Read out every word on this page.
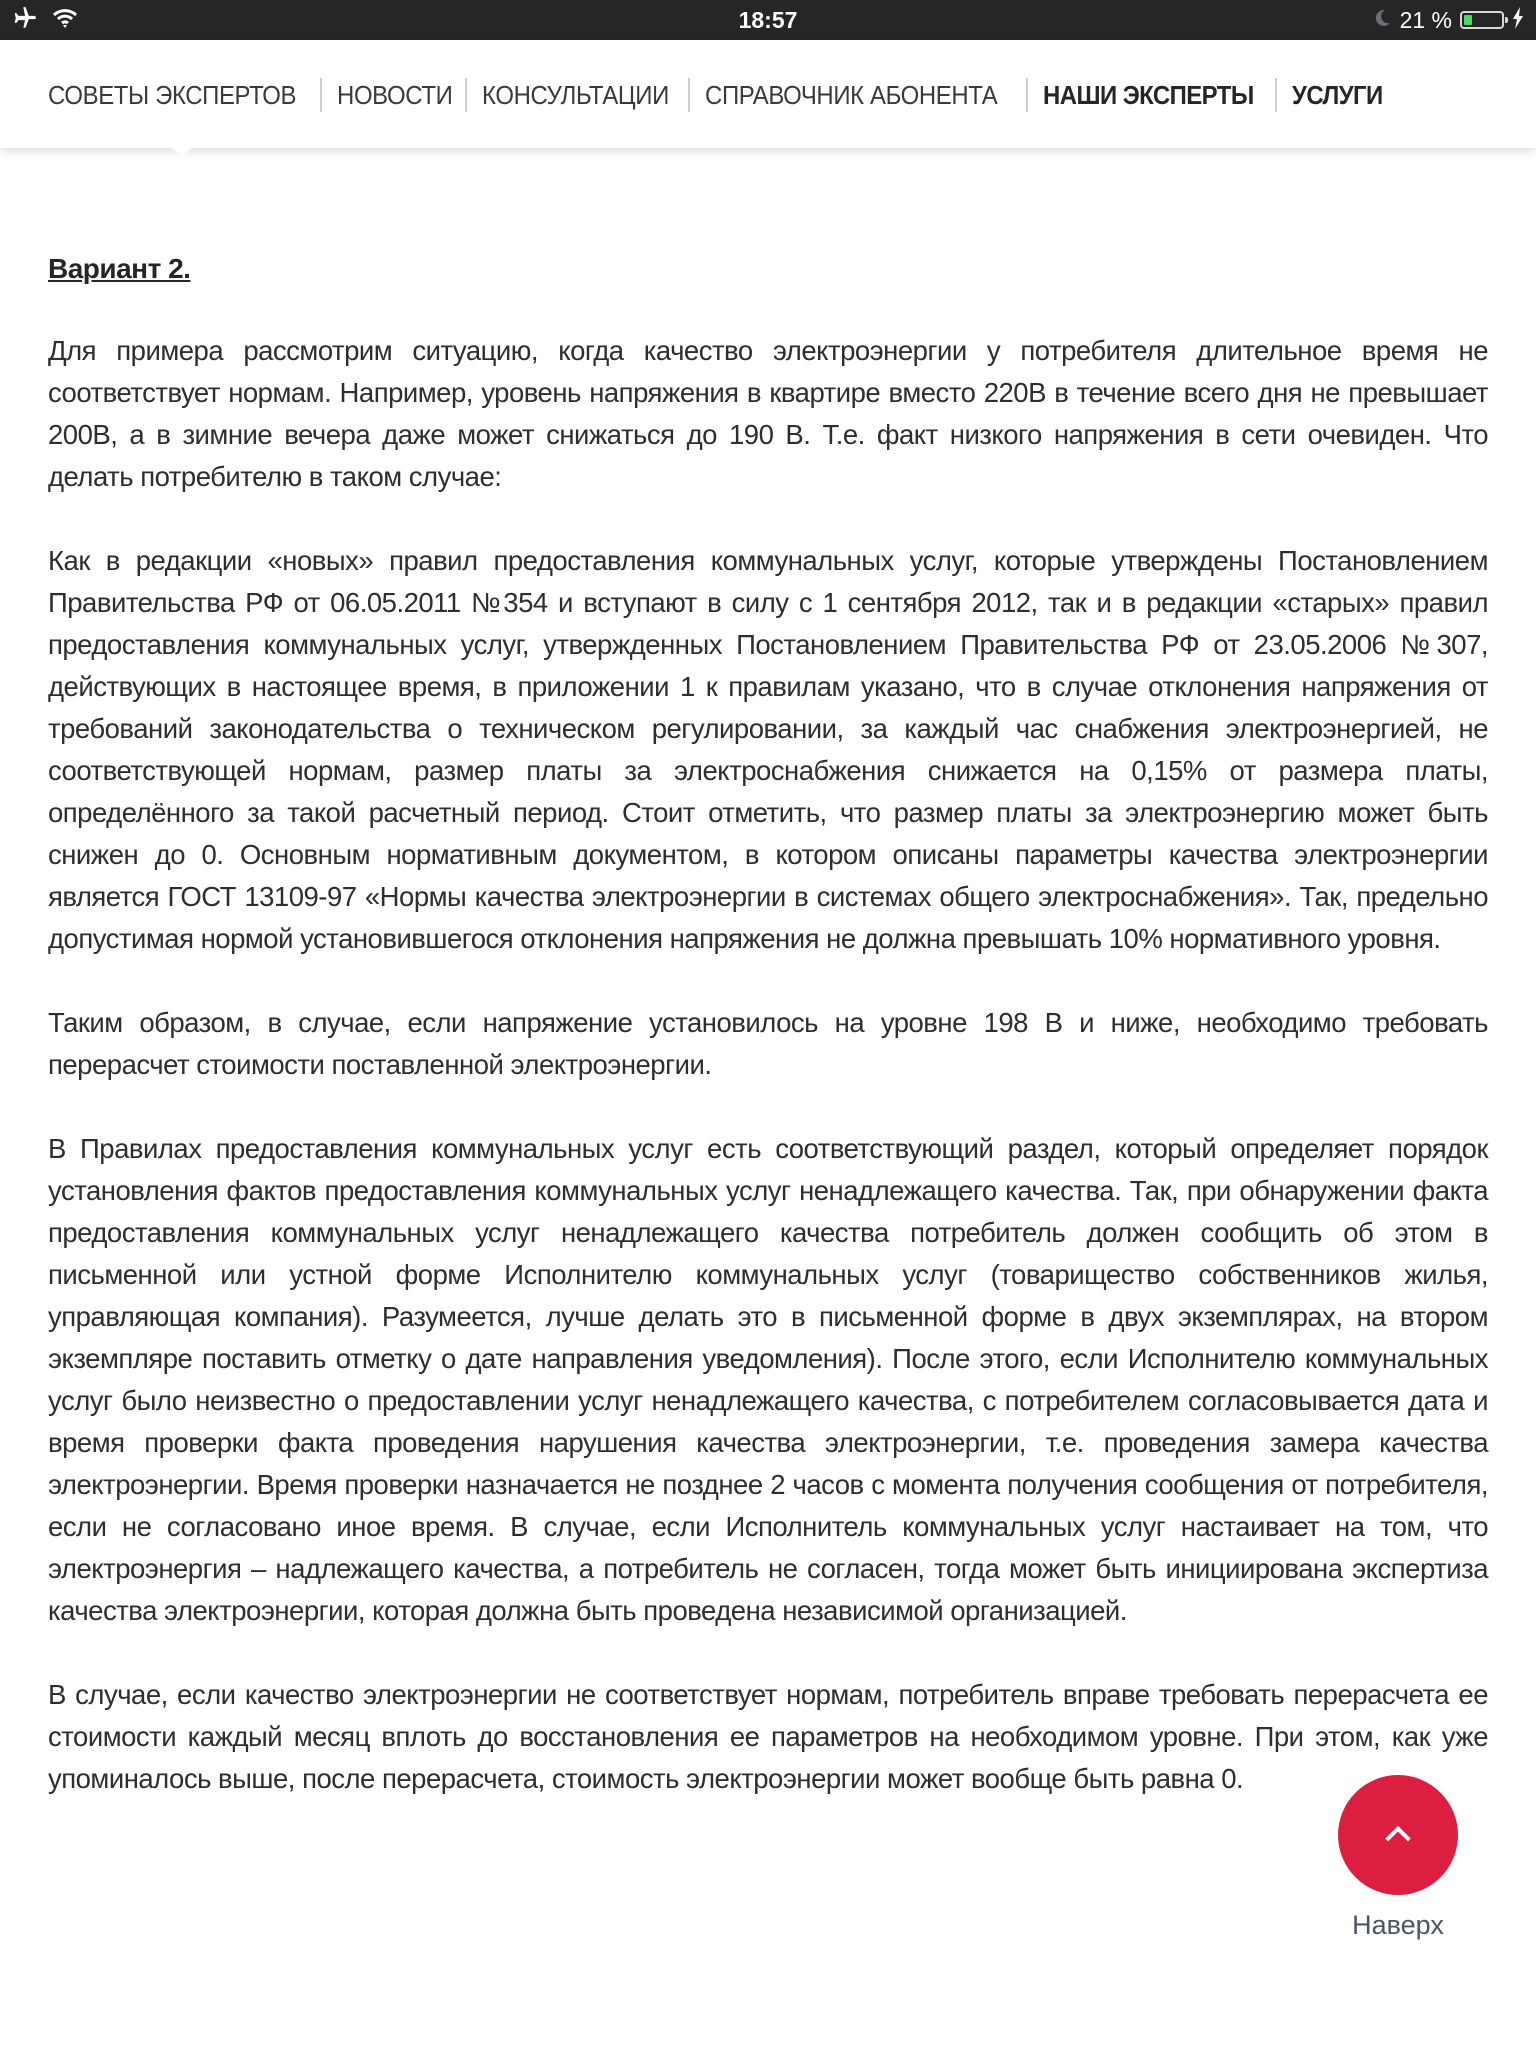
18:57	21 %
СОВЕТЫ ЭКСПЕРТОВ	НОВОСТИ	КОНСУЛЬТАЦИИ	СПРАВОЧНИК АБОНЕНТА	НАШИ ЭКСПЕРТЫ	УСЛУГИ
Вариант 2.

Для примера рассмотрим ситуацию, когда качество электроэнергии у потребителя длительное время не соответствует нормам. Например, уровень напряжения в квартире вместо 220В в течение всего дня не превышает 200В, а в зимние вечера даже может снижаться до 190 В. Т.е. факт низкого напряжения в сети очевиден. Что делать потребителю в таком случае:

Как в редакции «новых» правил предоставления коммунальных услуг, которые утверждены Постановлением Правительства РФ от 06.05.2011 №354 и вступают в силу с 1 сентября 2012, так и в редакции «старых» правил предоставления коммунальных услуг, утвержденных Постановлением Правительства РФ от 23.05.2006 №307, действующих в настоящее время, в приложении 1 к правилам указано, что в случае отклонения напряжения от требований законодательства о техническом регулировании, за каждый час снабжения электроэнергией, не соответствующей нормам, размер платы за электроснабжения снижается на 0,15% от размера платы, определённого за такой расчетный период. Стоит отметить, что размер платы за электроэнергию может быть снижен до 0. Основным нормативным документом, в котором описаны параметры качества электроэнергии является ГОСТ 13109-97 «Нормы качества электроэнергии в системах общего электроснабжения». Так, предельно допустимая нормой установившегося отклонения напряжения не должна превышать 10% нормативного уровня.

Таким образом, в случае, если напряжение установилось на уровне 198 В и ниже, необходимо требовать перерасчет стоимости поставленной электроэнергии.

В Правилах предоставления коммунальных услуг есть соответствующий раздел, который определяет порядок установления фактов предоставления коммунальных услуг ненадлежащего качества. Так, при обнаружении факта предоставления коммунальных услуг ненадлежащего качества потребитель должен сообщить об этом в письменной или устной форме Исполнителю коммунальных услуг (товарищество собственников жилья, управляющая компания). Разумеется, лучше делать это в письменной форме в двух экземплярах, на втором экземпляре поставить отметку о дате направления уведомления). После этого, если Исполнителю коммунальных услуг было неизвестно о предоставлении услуг ненадлежащего качества, с потребителем согласовывается дата и время проверки факта проведения нарушения качества электроэнергии, т.е. проведения замера качества электроэнергии. Время проверки назначается не позднее 2 часов с момента получения сообщения от потребителя, если не согласовано иное время. В случае, если Исполнитель коммунальных услуг настаивает на том, что электроэнергия – надлежащего качества, а потребитель не согласен, тогда может быть инициирована экспертиза качества электроэнергии, которая должна быть проведена независимой организацией.

В случае, если качество электроэнергии не соответствует нормам, потребитель вправе требовать перерасчета ее стоимости каждый месяц вплоть до восстановления ее параметров на необходимом уровне. При этом, как уже упоминалось выше, после перерасчета, стоимость электроэнергии может вообще быть равна 0.

Наверх
